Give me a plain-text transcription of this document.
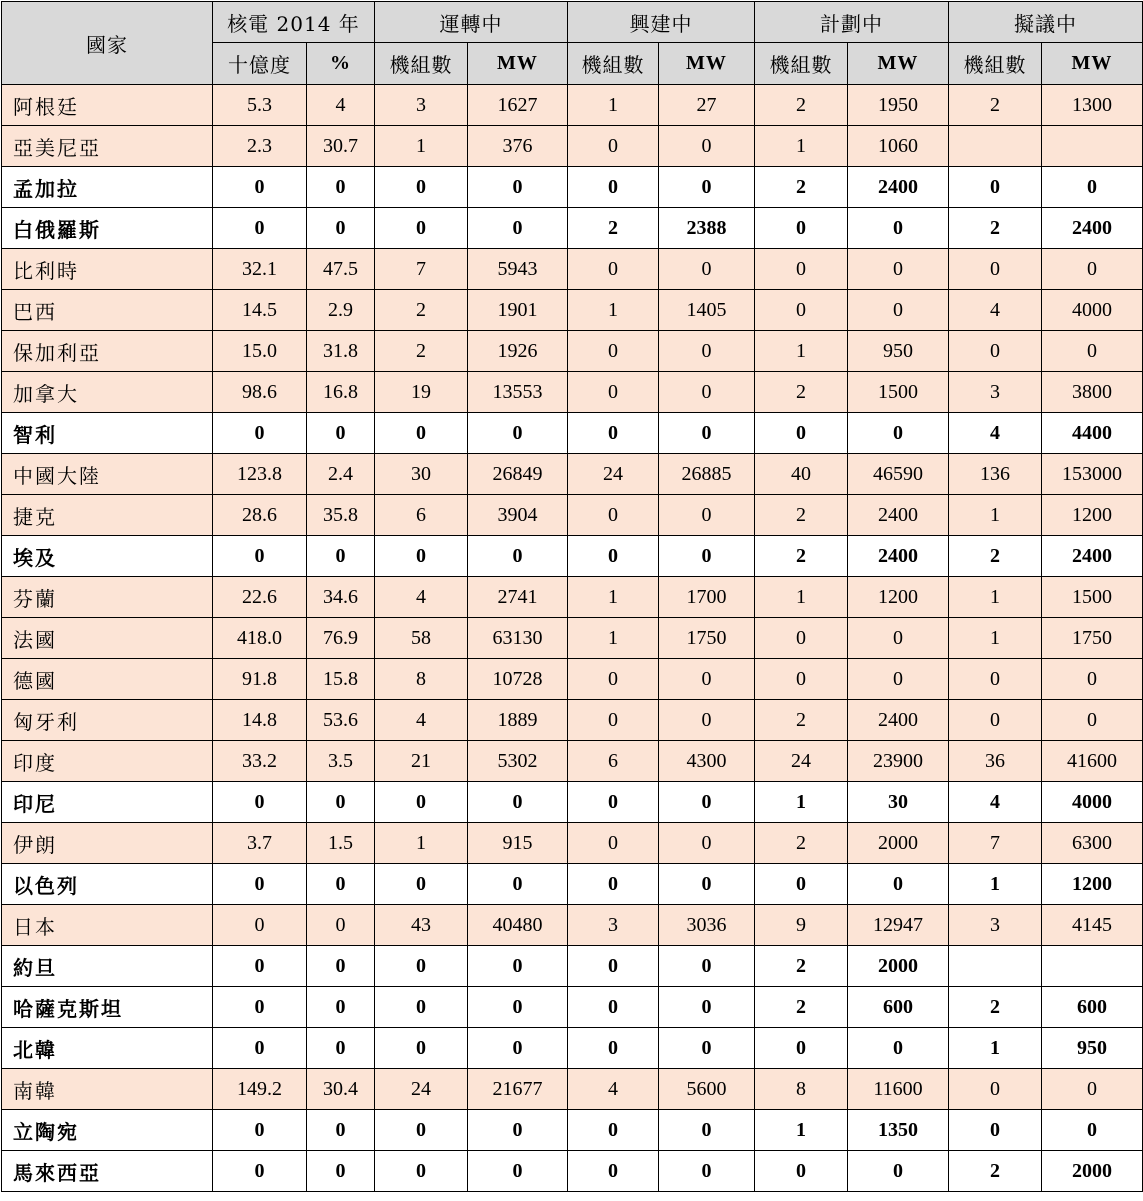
國家	核電 2014 年		運轉中		興建中		計劃中		擬議中	
	十億度	%	機組數	MW	機組數	MW	機組數	MW	機組數	MW
阿根廷	5.3	4	3	1627	1	27	2	1950	2	1300
亞美尼亞	2.3	30.7	1	376	0	0	1	1060		
孟加拉	0	0	0	0	0	0	2	2400	0	0
白俄羅斯	0	0	0	0	2	2388	0	0	2	2400
比利時	32.1	47.5	7	5943	0	0	0	0	0	0
巴西	14.5	2.9	2	1901	1	1405	0	0	4	4000
保加利亞	15.0	31.8	2	1926	0	0	1	950	0	0
加拿大	98.6	16.8	19	13553	0	0	2	1500	3	3800
智利	0	0	0	0	0	0	0	0	4	4400
中國大陸	123.8	2.4	30	26849	24	26885	40	46590	136	153000
捷克	28.6	35.8	6	3904	0	0	2	2400	1	1200
埃及	0	0	0	0	0	0	2	2400	2	2400
芬蘭	22.6	34.6	4	2741	1	1700	1	1200	1	1500
法國	418.0	76.9	58	63130	1	1750	0	0	1	1750
德國	91.8	15.8	8	10728	0	0	0	0	0	0
匈牙利	14.8	53.6	4	1889	0	0	2	2400	0	0
印度	33.2	3.5	21	5302	6	4300	24	23900	36	41600
印尼	0	0	0	0	0	0	1	30	4	4000
伊朗	3.7	1.5	1	915	0	0	2	2000	7	6300
以色列	0	0	0	0	0	0	0	0	1	1200
日本	0	0	43	40480	3	3036	9	12947	3	4145
約旦	0	0	0	0	0	0	2	2000		
哈薩克斯坦	0	0	0	0	0	0	2	600	2	600
北韓	0	0	0	0	0	0	0	0	1	950
南韓	149.2	30.4	24	21677	4	5600	8	11600	0	0
立陶宛	0	0	0	0	0	0	1	1350	0	0
馬來西亞	0	0	0	0	0	0	0	0	2	2000
